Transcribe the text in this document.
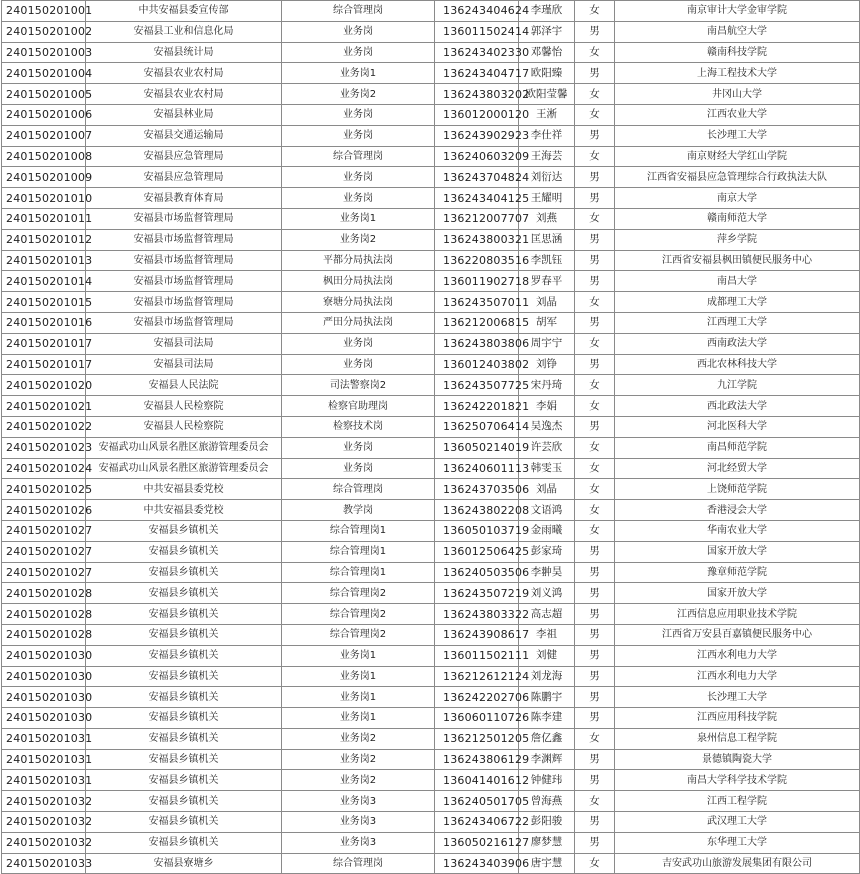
240150201001	中共安福县委宣传部	综合管理岗	136243404624	李瑾欣	女	南京审计大学金审学院
240150201002	安福县工业和信息化局	业务岗	136011502414	郭泽宇	男	南昌航空大学
240150201003	安福县统计局	业务岗	136243402330	邓馨怡	女	赣南科技学院
240150201004	安福县农业农村局	业务岗1	136243404717	欧阳臻	男	上海工程技术大学
240150201005	安福县农业农村局	业务岗2	136243803202	欧阳莹馨	女	井冈山大学
240150201006	安福县林业局	业务岗	136012000120	王淅	女	江西农业大学
240150201007	安福县交通运输局	业务岗	136243902923	李仕祥	男	长沙理工大学
240150201008	安福县应急管理局	综合管理岗	136240603209	王海芸	女	南京财经大学红山学院
240150201009	安福县应急管理局	业务岗	136243704824	刘衍达	男	江西省安福县应急管理综合行政执法大队
240150201010	安福县教育体育局	业务岗	136243404125	王耀明	男	南京大学
240150201011	安福县市场监督管理局	业务岗1	136212007707	刘燕	女	赣南师范大学
240150201012	安福县市场监督管理局	业务岗2	136243800321	匡思涵	男	萍乡学院
240150201013	安福县市场监督管理局	平都分局执法岗	136220803516	李凯钰	男	江西省安福县枫田镇便民服务中心
240150201014	安福县市场监督管理局	枫田分局执法岗	136011902718	罗春平	男	南昌大学
240150201015	安福县市场监督管理局	寮塘分局执法岗	136243507011	刘晶	女	成都理工大学
240150201016	安福县市场监督管理局	严田分局执法岗	136212006815	胡军	男	江西理工大学
240150201017	安福县司法局	业务岗	136243803806	周宇宁	女	西南政法大学
240150201017	安福县司法局	业务岗	136012403802	刘铮	男	西北农林科技大学
240150201020	安福县人民法院	司法警察岗2	136243507725	宋丹琦	女	九江学院
240150201021	安福县人民检察院	检察官助理岗	136242201821	李娟	女	西北政法大学
240150201022	安福县人民检察院	检察技术岗	136250706414	吴逸杰	男	河北医科大学
240150201023	安福武功山风景名胜区旅游管理委员会	业务岗	136050214019	许芸欣	女	南昌师范学院
240150201024	安福武功山风景名胜区旅游管理委员会	业务岗	136240601113	韩雯玉	女	河北经贸大学
240150201025	中共安福县委党校	综合管理岗	136243703506	刘晶	女	上饶师范学院
240150201026	中共安福县委党校	教学岗	136243802208	文语鸿	女	香港浸会大学
240150201027	安福县乡镇机关	综合管理岗1	136050103719	金雨曦	女	华南农业大学
240150201027	安福县乡镇机关	综合管理岗1	136012506425	彭家琦	男	国家开放大学
240150201027	安福县乡镇机关	综合管理岗1	136240503506	李翀昊	男	豫章师范学院
240150201028	安福县乡镇机关	综合管理岗2	136243507219	刘义鸿	男	国家开放大学
240150201028	安福县乡镇机关	综合管理岗2	136243803322	高志超	男	江西信息应用职业技术学院
240150201028	安福县乡镇机关	综合管理岗2	136243908617	李祖	男	江西省万安县百嘉镇便民服务中心
240150201030	安福县乡镇机关	业务岗1	136011502111	刘健	男	江西水利电力大学
240150201030	安福县乡镇机关	业务岗1	136212612124	刘龙海	男	江西水利电力大学
240150201030	安福县乡镇机关	业务岗1	136242202706	陈鹏宇	男	长沙理工大学
240150201030	安福县乡镇机关	业务岗1	136060110726	陈李建	男	江西应用科技学院
240150201031	安福县乡镇机关	业务岗2	136212501205	詹亿鑫	女	泉州信息工程学院
240150201031	安福县乡镇机关	业务岗2	136243806129	李渊辉	男	景德镇陶瓷大学
240150201031	安福县乡镇机关	业务岗2	136041401612	钟健玮	男	南昌大学科学技术学院
240150201032	安福县乡镇机关	业务岗3	136240501705	曾海燕	女	江西工程学院
240150201032	安福县乡镇机关	业务岗3	136243406722	彭阳骏	男	武汉理工大学
240150201032	安福县乡镇机关	业务岗3	136050216127	廖梦慧	男	东华理工大学
240150201033	安福县寮塘乡	综合管理岗	136243403906	唐宇慧	女	吉安武功山旅游发展集团有限公司
